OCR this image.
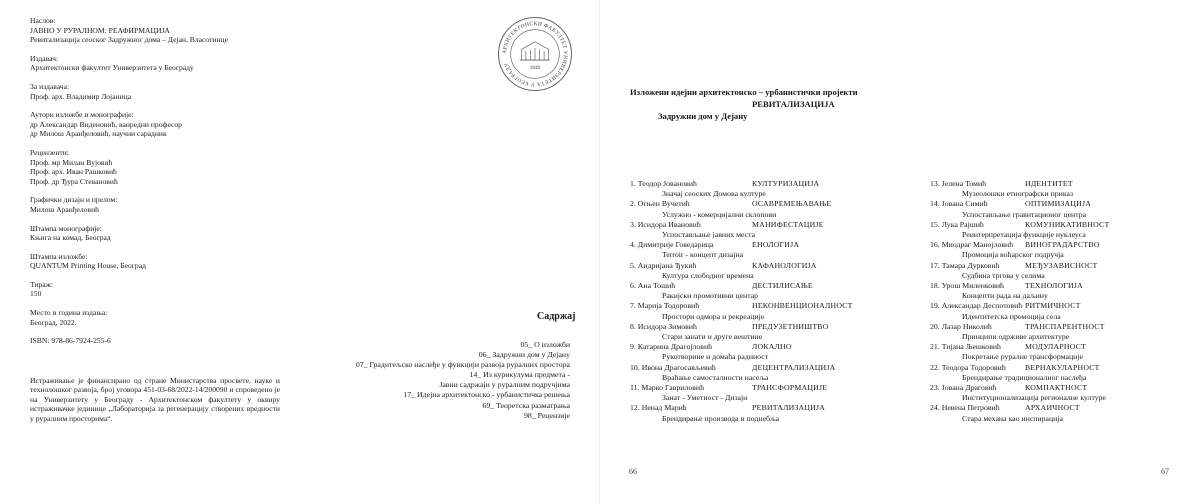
Наслов:
ЈАВНО У РУРАЛНОМ: РЕАФИРМАЦИЈА
Ревитализација сеоског Задружног дома – Дејан, Власотинце
Издавач:
Архитектонски факултет Универзитета у Београду
За издавача:
Проф. арх. Владимир Лојаница
Аутори изложбе и монографије:
др Александар Виденовић, ванредни професор
др Милош Аранђеловић, научни сарадник
Рецензенти:
Проф. мр Милан Вујовић
Проф. арх. Иван Рашковић
Проф. др Ђура Стевановић
Графички дизајн и прелом:
Милош Аранђеловић
Штампа монографије:
Књига на комад, Београд
Штампа изложбе:
QUANTUM Printing House, Београд
Тираж:
150
Место и година издања:
Београд, 2022.
ISBN: 978-86-7924-255-6
Истраживање је финансирано од стране Министарства просвете, науке и технолошког развоја, број уговора 451-03-68/2022-14/200090 и спроведено је на Универзитету у Београду - Архитектонском факултету у оквиру истраживачке јединице „Лабораторија за регенерацију створених вредности у руралним просторима“.
АРХИТЕКТОНСКИ ФАКУЛТЕТ УНИВЕРЗИТЕТА У БЕОГРАДУ
1846
Садржај
05_ О изложби
06_ Задружни дом у Дејану
07_ Градитељско наслеђе у функцији развоја руралних простора
14_ Из курикулума предмета -
Јавни садржаји у руралним подручјима
17_ Идејна архитектонско - урбанистичка решења
69_ Теоретска размaтрања
98_ Рецензије
Изложени идејни архитектонско – урбанистички пројекти
РЕВИТАЛИЗАЦИЈА
Задружни дом у Дејану
1. Теодор Јовановић	КУЛТУРИЗАЦИЈА
Значај сеоских Домова културе
2. Огњен Вучетић	ОСАВРЕМЕЊАВАЊЕ
Услужно - комерцијални склопови
3. Исидора Ивановић	МАНИФЕСТАЦИЈЕ
Успостављање јавних места
4. Димитрије Говедарица	ЕНОЛОГИЈА
Terroir - концепт дизајна
5. Андријана Ђукић	КАФАНОЛОГИЈА
Култура слободног времена
6. Ана Тошић	ДЕСТИЛИСАЊЕ
Ракијски промотивни центар
7. Марија Тодоровић	НЕКОНВЕНЦИОНАЛНОСТ
Простори одмора и рекреације
8. Исидора Зимовић	ПРЕДУЗЕТНИШТВО
Стари занати и друге вештине
9. Катарина Драгојловић	ЛОКАЛНО
Рукотворине и домаћа радиност
10. Ивона Драгосављевић	ДЕЦЕНТРАЛИЗАЦИЈА
Враћање самосталности насеља
11. Марко Гавриловић	ТРАНСФОРМАЦИЈЕ
Занат - Уметност - Дизајн
12. Ненад Марић	РЕВИТАЛИЗАЦИЈА
Брендирање производа и поднебља
13. Јелена Томић	ИДЕНТИТЕТ
Музеолошки етнографски приказ
14. Јована Симић	ОПТИМИЗАЦИЈА
Успостављање гравитационог центра
15. Лука Рајшић	КОМУНИКАТИВНОСТ
Реинтерпретација функције нуклеуса
16. Миодраг Манојловић	ВИНОГРАДАРСТВО
Промоција воћарског подручја
17. Тамара Дурковић	МЕЂУЗАВИСНОСТ
Судбина тргова у селима
18. Урош Миленковић	ТЕХНОЛОГИЈА
Концепти рада на даљину
19. Александар Деспотовић РИТМИЧНОСТ
Идентитетска промоција села
20. Лазар Николић	ТРАНСПАРЕНТНОСТ
Принципи одрживе архитектуре
21. Тијана Љешковић	МОДУЛАРНОСТ
Покретање руралне трансформације
22. Теодора Тодоровић	ВЕРНАКУЛАРНОСТ
Брендирање традиционалног наслеђа
23. Јована Драговић	КОМПАКТНОСТ
Институционализација регионалне културе
24. Невена Петровић	АРХАИЧНОСТ
Стара механа као инспирација
66	67
